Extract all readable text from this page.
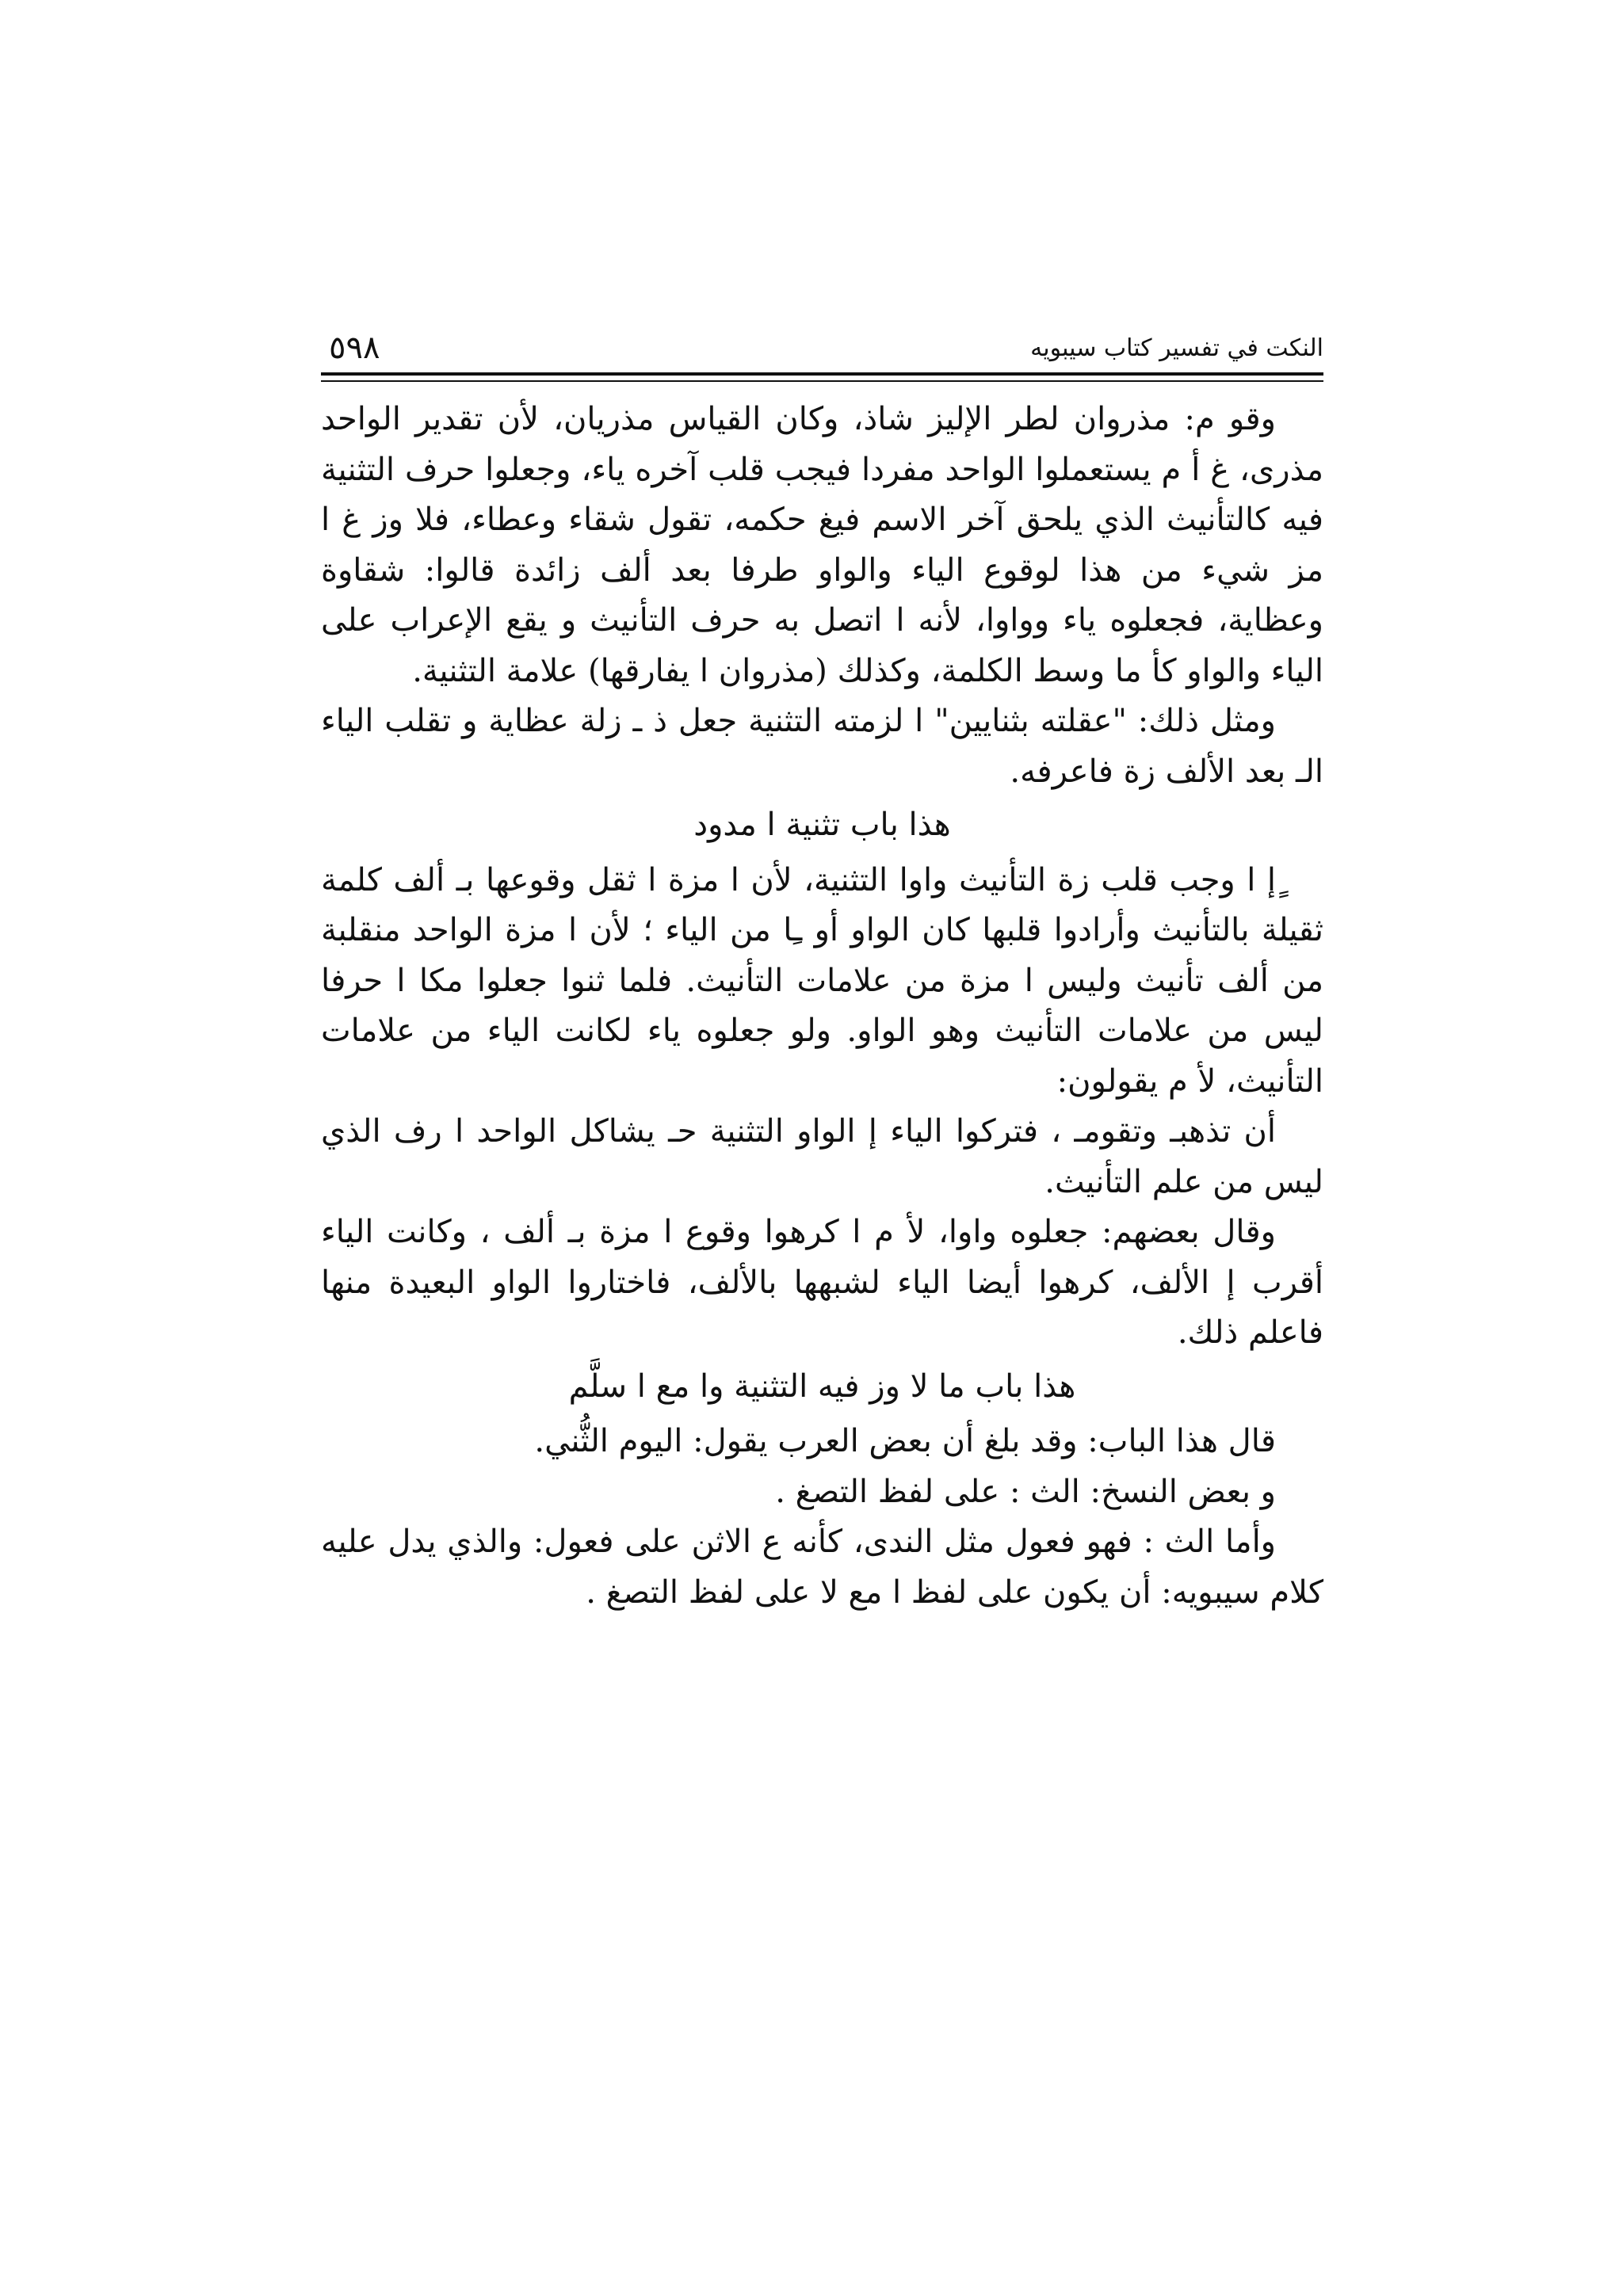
النكت في تفسير كتاب سيبويه
٥٩٨

وقو م: مذروان لطر الإليز شاذ، وكان القياس مذريان، لأن تقدير الواحد مذرى، غ أ م يستعملوا الواحد مفردا فيجب قلب آخره ياء، وجعلوا حرف التثنية فيه كالتأنيث الذي يلحق آخر الاسم فيغ حكمه، تقول شقاء وعطاء، فلا وز غ ا مز شيء من هذا لوقوع الياء والواو طرفا بعد ألف زائدة قالوا: شقاوة وعظاية، فجعلوه ياء وواوا، لأنه ا اتصل به حرف التأنيث و يقع الإعراب على الياء والواو كأ ما وسط الكلمة، وكذلك (مذروان ا يفارقها) علامة التثنية.

ومثل ذلك: "عقلته بثنايين" ا لزمته التثنية جعل ذ ـ زلة عظاية و تقلب الياء الـ بعد الألف زة فاعرفه.

هذا باب تثنية ا مدود

ٍإ ا وجب قلب زة التأنيث واوا التثنية، لأن ا مزة ا ثقل وقوعها بـ ألف كلمة ثقيلة بالتأنيث وأرادوا قلبها كان الواو أو ـِا من الياء ؛ لأن ا مزة الواحد منقلبة من ألف تأنيث وليس ا مزة من علامات التأنيث. فلما ثنوا جعلوا مكا ا حرفا ليس من علامات التأنيث وهو الواو. ولو جعلوه ياء لكانت الياء من علامات التأنيث، لأ م يقولون:

أن تذهبـ وتقومـ ، فتركوا الياء إ الواو التثنية حـ يشاكل الواحد ا رف الذي ليس من علم التأنيث.

وقال بعضهم: جعلوه واوا، لأ م ا كرهوا وقوع ا مزة بـ ألف ، وكانت الياء أقرب إ الألف، كرهوا أيضا الياء لشبهها بالألف، فاختاروا الواو البعيدة منها فاعلم ذلك.

هذا باب ما لا وز فيه التثنية وا مع ا سلَّم

قال هذا الباب: وقد بلغ أن بعض العرب يقول: اليوم الثُّني.

و بعض النسخ: الث : على لفظ التصغ .

وأما الث : فهو فعول مثل الندى، كأنه ع الاثن على فعول: والذي يدل عليه كلام سيبويه: أن يكون على لفظ ا مع لا على لفظ التصغ .
